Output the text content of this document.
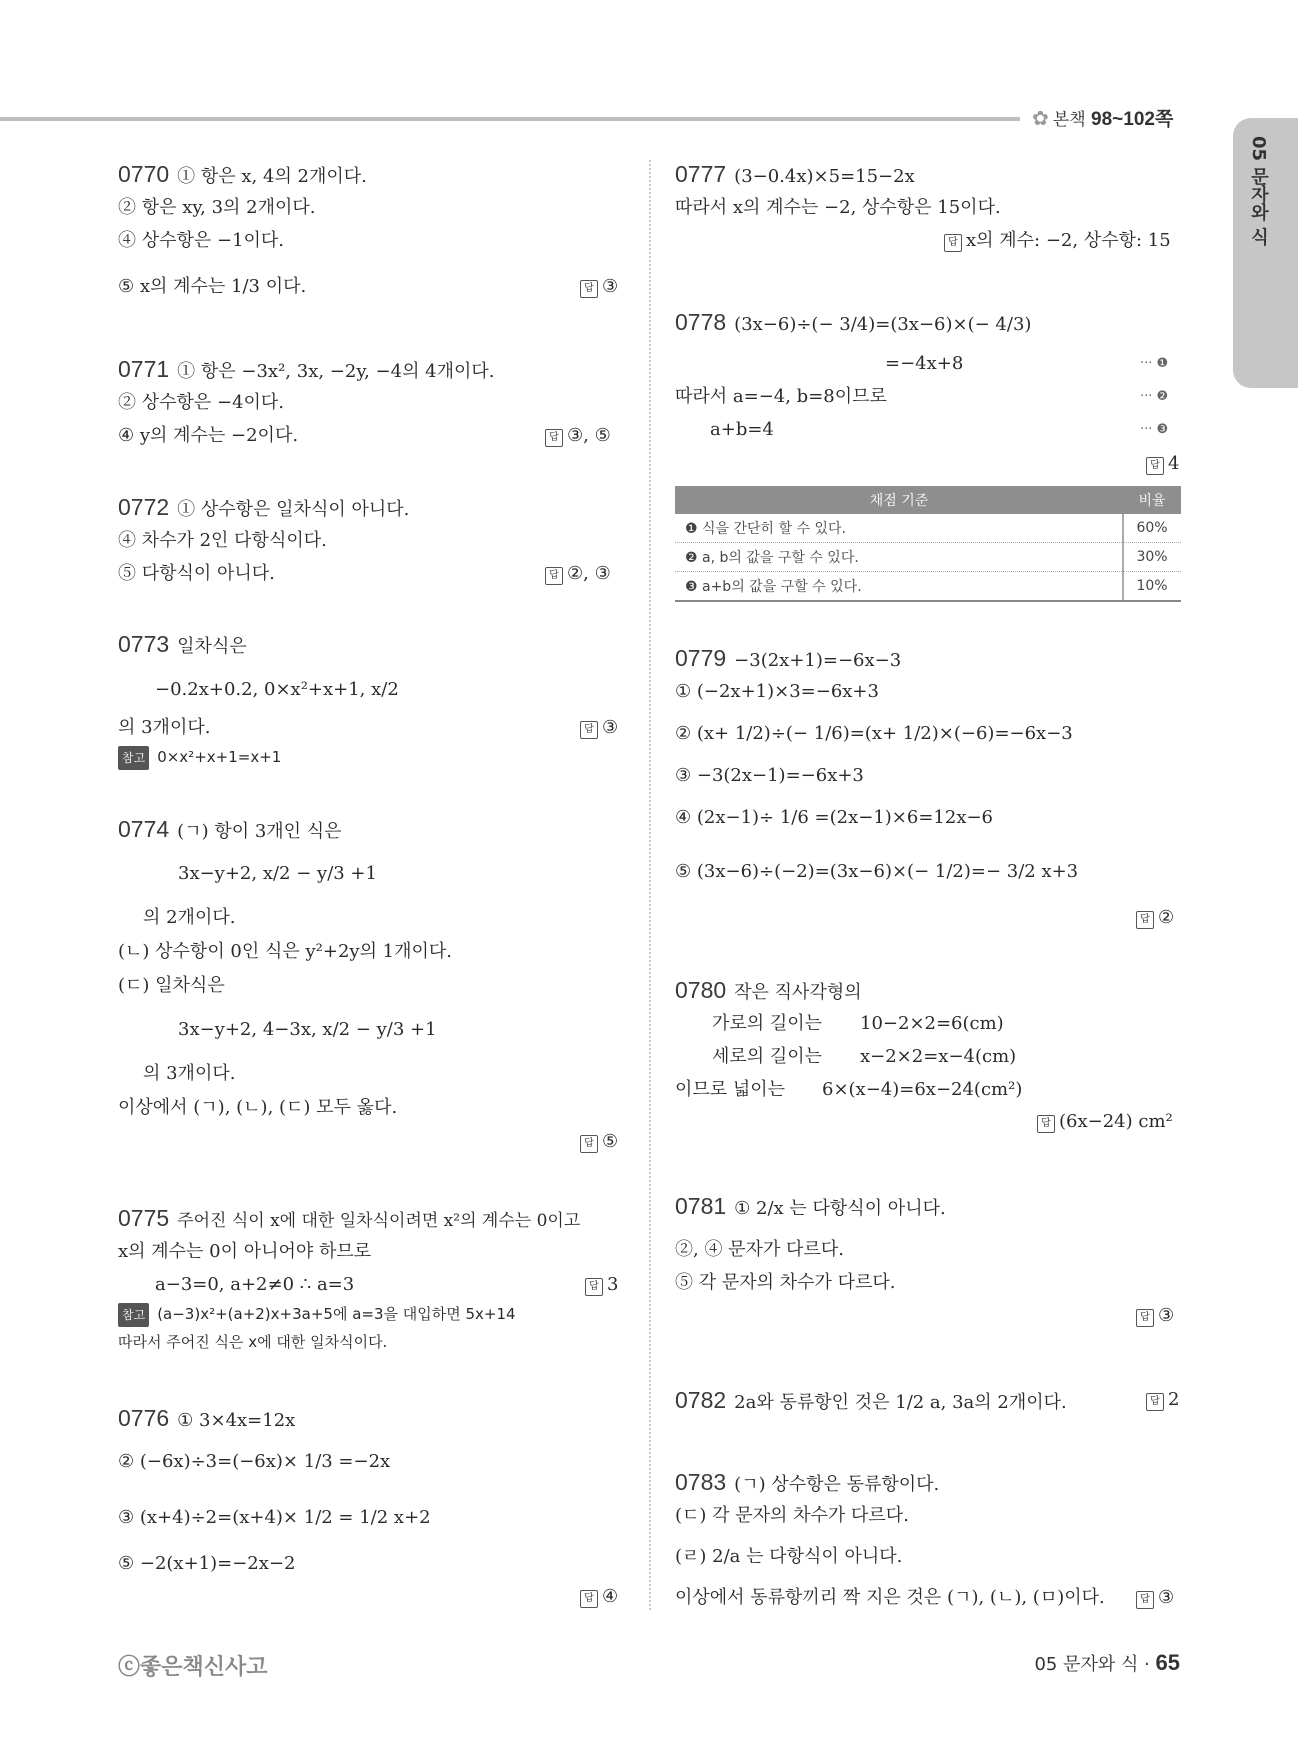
✿ 본책 98~102쪽
05 문자와 식
0770 ① 항은 x, 4의 2개이다.
② 항은 xy, 3의 2개이다.
④ 상수항은 −1이다.
⑤ x의 계수는 1/3 이다.	답 ③
0771 ① 항은 −3x², 3x, −2y, −4의 4개이다.
② 상수항은 −4이다.
④ y의 계수는 −2이다.	답 ③, ⑤
0772 ① 상수항은 일차식이 아니다.
④ 차수가 2인 다항식이다.
⑤ 다항식이 아니다.	답 ②, ③
0773 일차식은
−0.2x+0.2, 0×x²+x+1, x/2
의 3개이다.	답 ③
참고 0×x²+x+1=x+1
0774 (ㄱ) 항이 3개인 식은
3x−y+2, x/2 − y/3 +1
의 2개이다.
(ㄴ) 상수항이 0인 식은 y²+2y의 1개이다.
(ㄷ) 일차식은
3x−y+2, 4−3x, x/2 − y/3 +1
의 3개이다.
이상에서 (ㄱ), (ㄴ), (ㄷ) 모두 옳다.
답 ⑤
0775 주어진 식이 x에 대한 일차식이려면 x²의 계수는 0이고
x의 계수는 0이 아니어야 하므로
a−3=0, a+2≠0 ∴ a=3	답 3
참고 (a−3)x²+(a+2)x+3a+5에 a=3을 대입하면 5x+14
따라서 주어진 식은 x에 대한 일차식이다.
0776 ① 3×4x=12x
② (−6x)÷3=(−6x)× 1/3 =−2x
③ (x+4)÷2=(x+4)× 1/2 = 1/2 x+2
⑤ −2(x+1)=−2x−2
답 ④
0777 (3−0.4x)×5=15−2x
따라서 x의 계수는 −2, 상수항은 15이다.
답 x의 계수: −2, 상수항: 15
0778 (3x−6)÷(− 3/4)=(3x−6)×(− 4/3)
=−4x+8
따라서 a=−4, b=8이므로
a+b=4
··· ❶
··· ❷
··· ❸
답 4
채점 기준	비율
❶ 식을 간단히 할 수 있다.	60%
❷ a, b의 값을 구할 수 있다.	30%
❸ a+b의 값을 구할 수 있다.	10%
0779 −3(2x+1)=−6x−3
① (−2x+1)×3=−6x+3
② (x+ 1/2)÷(− 1/6)=(x+ 1/2)×(−6)=−6x−3
③ −3(2x−1)=−6x+3
④ (2x−1)÷ 1/6 =(2x−1)×6=12x−6
⑤ (3x−6)÷(−2)=(3x−6)×(− 1/2)=− 3/2 x+3
답 ②
0780 작은 직사각형의
가로의 길이는 10−2×2=6(cm)
세로의 길이는 x−2×2=x−4(cm)
이므로 넓이는 6×(x−4)=6x−24(cm²)
답 (6x−24) cm²
0781 ① 2/x 는 다항식이 아니다.
②, ④ 문자가 다르다.
⑤ 각 문자의 차수가 다르다.
답 ③
0782 2a와 동류항인 것은 1/2 a, 3a의 2개이다.	답 2
0783 (ㄱ) 상수항은 동류항이다.
(ㄷ) 각 문자의 차수가 다르다.
(ㄹ) 2/a 는 다항식이 아니다.
이상에서 동류항끼리 짝 지은 것은 (ㄱ), (ㄴ), (ㅁ)이다.	답 ③
ⓒ좋은책신사고	05 문자와 식 · 65
